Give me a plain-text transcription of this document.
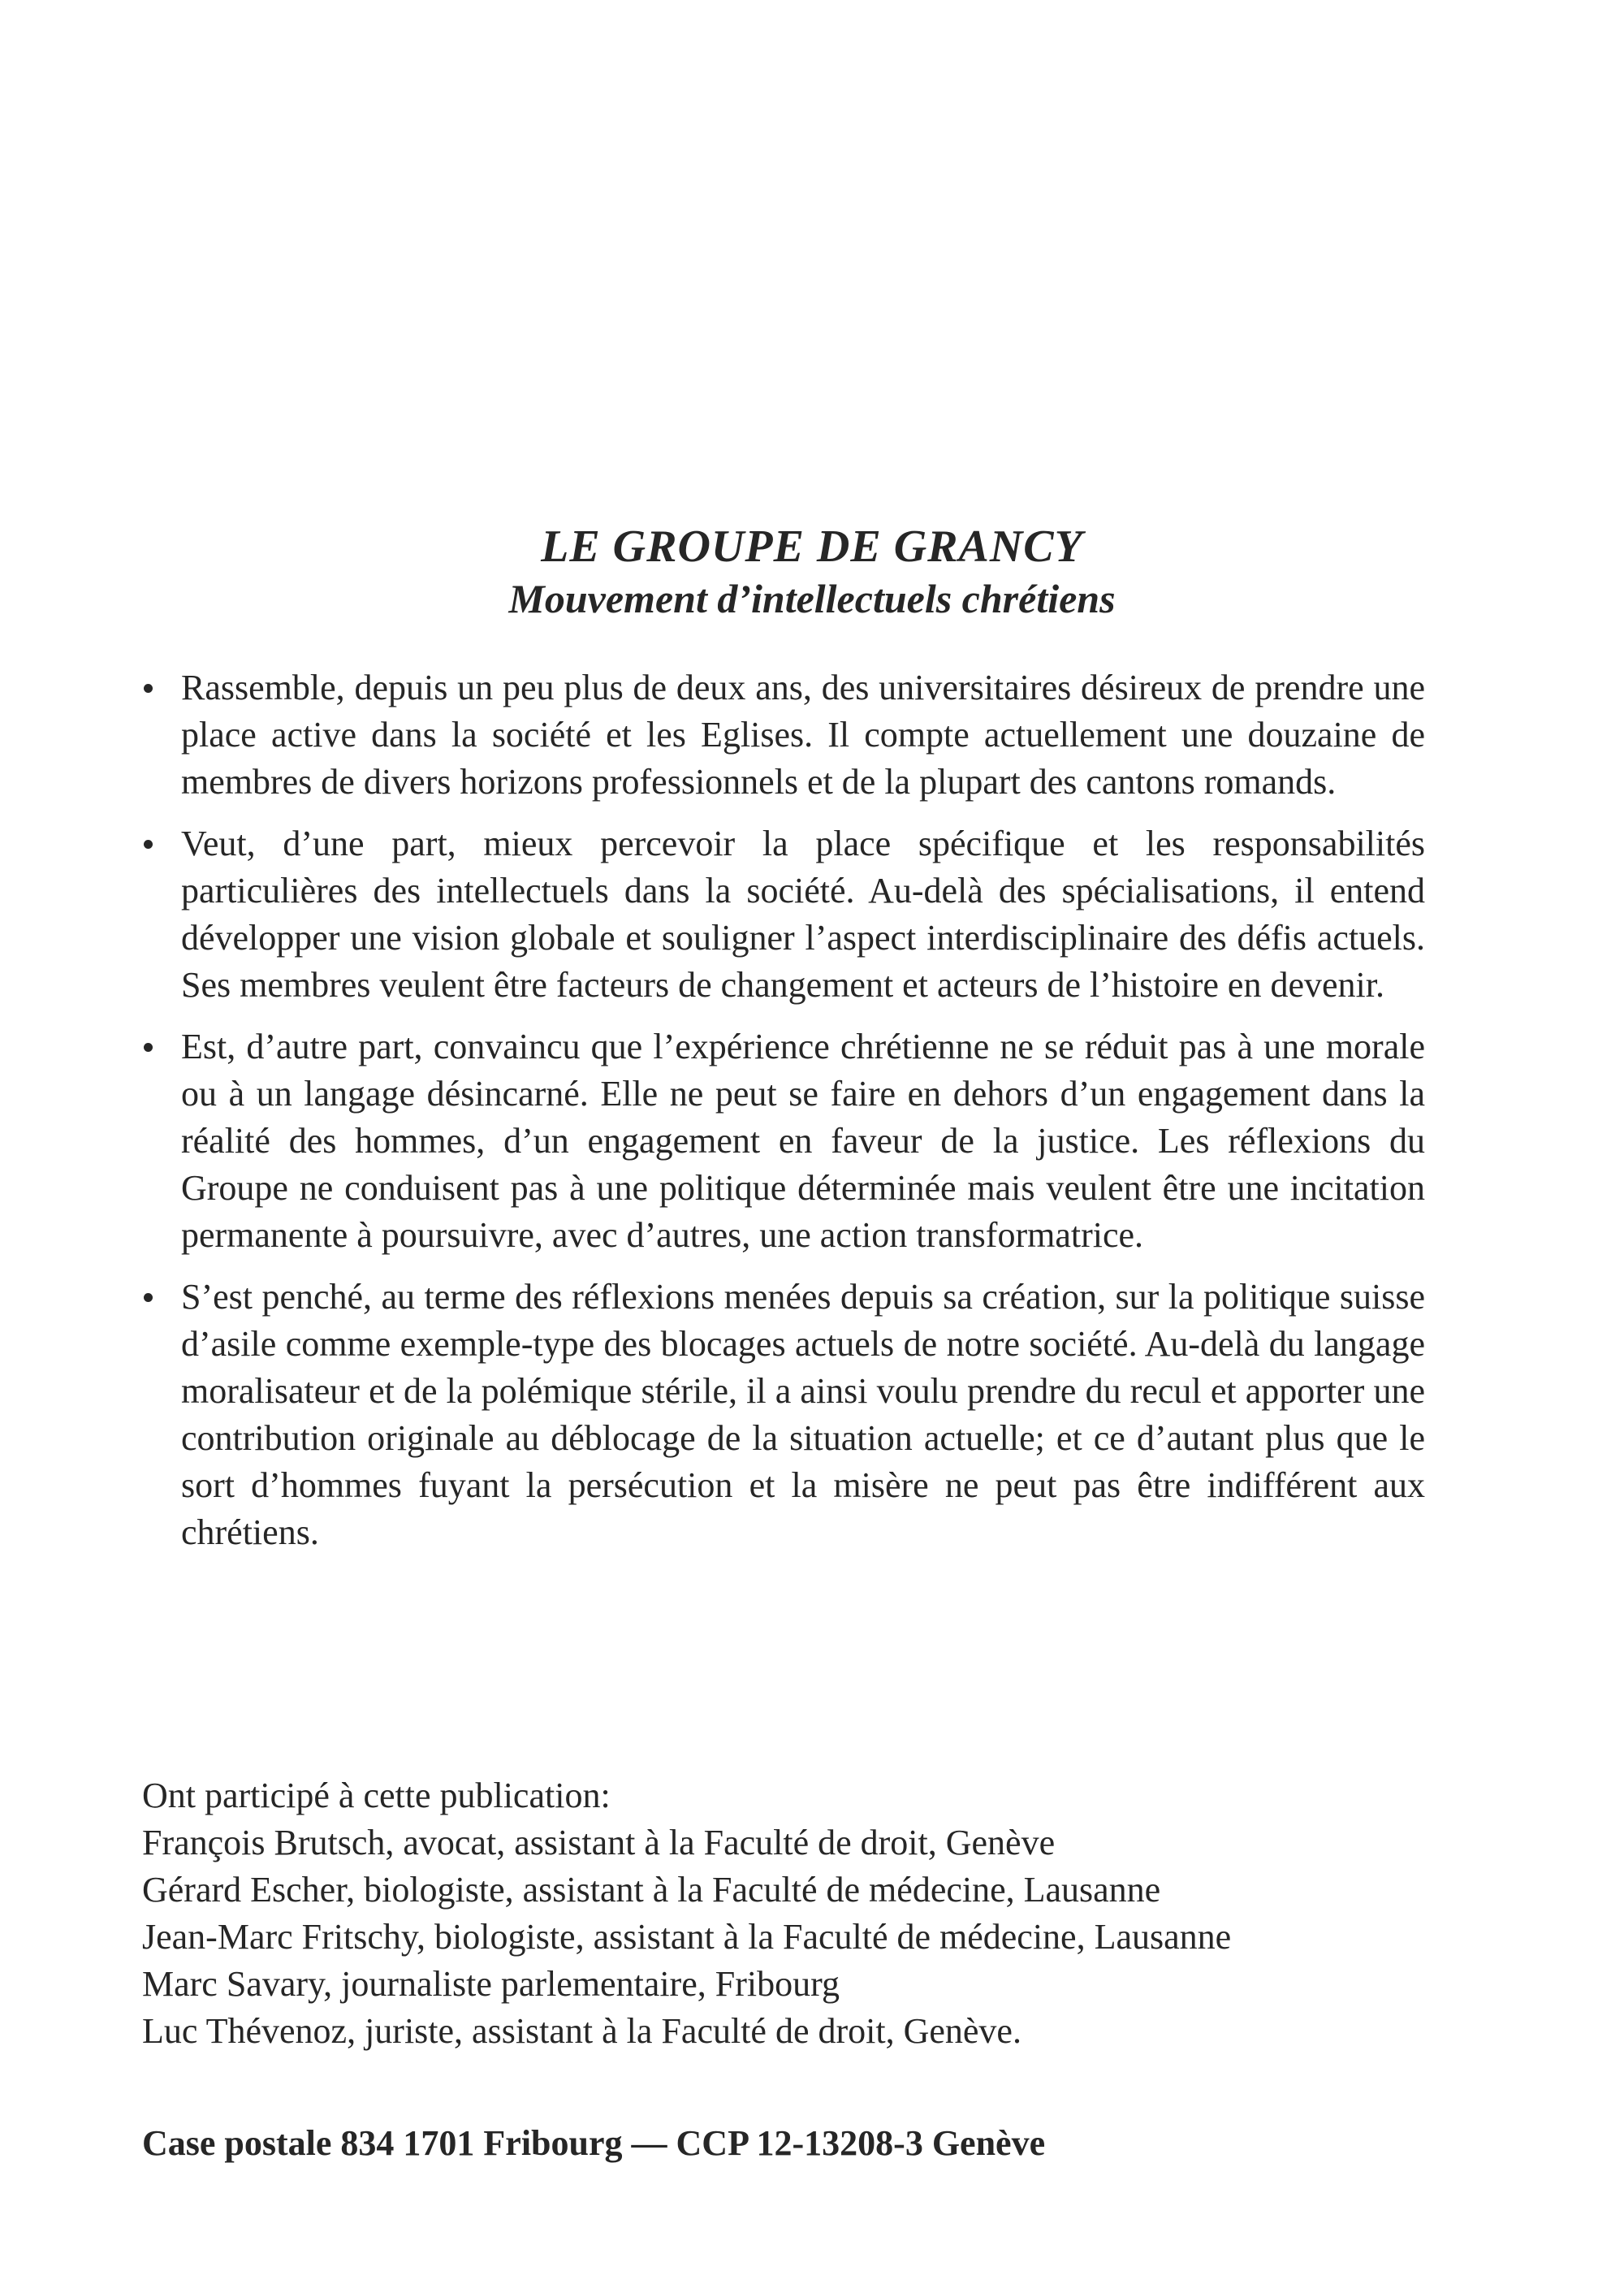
LE GROUPE DE GRANCY
Mouvement d’intellectuels chrétiens
Rassemble, depuis un peu plus de deux ans, des universitaires désireux de prendre une place active dans la société et les Eglises. Il compte actuellement une douzaine de membres de divers horizons professionnels et de la plupart des cantons romands.
Veut, d’une part, mieux percevoir la place spécifique et les responsabilités particulières des intellectuels dans la société. Au-delà des spécialisations, il entend développer une vision globale et souligner l’aspect interdisciplinaire des défis actuels. Ses membres veulent être facteurs de changement et acteurs de l’histoire en devenir.
Est, d’autre part, convaincu que l’expérience chrétienne ne se réduit pas à une morale ou à un langage désincarné. Elle ne peut se faire en dehors d’un engagement dans la réalité des hommes, d’un engagement en faveur de la justice. Les réflexions du Groupe ne conduisent pas à une politique déterminée mais veulent être une incitation permanente à poursuivre, avec d’autres, une action transformatrice.
S’est penché, au terme des réflexions menées depuis sa création, sur la politique suisse d’asile comme exemple-type des blocages actuels de notre société. Au-delà du langage moralisateur et de la polémique stérile, il a ainsi voulu prendre du recul et apporter une contribution originale au déblocage de la situation actuelle; et ce d’autant plus que le sort d’hommes fuyant la persécution et la misère ne peut pas être indifférent aux chrétiens.
Ont participé à cette publication:
François Brutsch, avocat, assistant à la Faculté de droit, Genève
Gérard Escher, biologiste, assistant à la Faculté de médecine, Lausanne
Jean-Marc Fritschy, biologiste, assistant à la Faculté de médecine, Lausanne
Marc Savary, journaliste parlementaire, Fribourg
Luc Thévenoz, juriste, assistant à la Faculté de droit, Genève.
Case postale 834 1701 Fribourg — CCP 12-13208-3 Genève
